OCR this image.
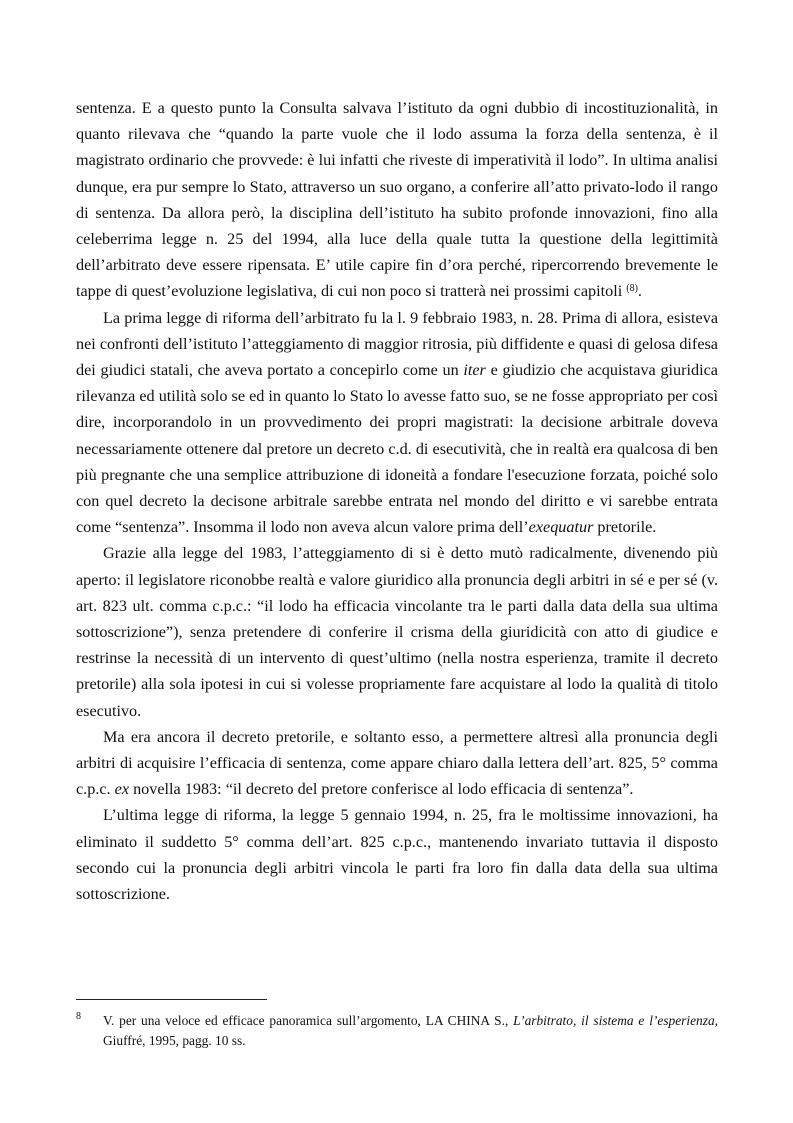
sentenza. E a questo punto la Consulta salvava l’istituto da ogni dubbio di incostituzionalità, in quanto rilevava che “quando la parte vuole che il lodo assuma la forza della sentenza, è il magistrato ordinario che provvede: è lui infatti che riveste di imperatività il lodo”. In ultima analisi dunque, era pur sempre lo Stato, attraverso un suo organo, a conferire all’atto privato-lodo il rango di sentenza. Da allora però, la disciplina dell’istituto ha subito profonde innovazioni, fino alla celeberrima legge n. 25 del 1994, alla luce della quale tutta la questione della legittimità dell’arbitrato deve essere ripensata. E’ utile capire fin d’ora perché, ripercorrendo brevemente le tappe di quest’evoluzione legislativa, di cui non poco si tratterà nei prossimi capitoli $^{(8)}$.

La prima legge di riforma dell’arbitrato fu la l. 9 febbraio 1983, n. 28. Prima di allora, esisteva nei confronti dell’istituto l’atteggiamento di maggior ritrosia, più diffidente e quasi di gelosa difesa dei giudici statali, che aveva portato a concepirlo come un iter e giudizio che acquistava giuridica rilevanza ed utilità solo se ed in quanto lo Stato lo avesse fatto suo, se ne fosse appropriato per così dire, incorporandolo in un provvedimento dei propri magistrati: la decisione arbitrale doveva necessariamente ottenere dal pretore un decreto c.d. di esecutività, che in realtà era qualcosa di ben più pregnante che una semplice attribuzione di idoneità a fondare l'esecuzione forzata, poiché solo con quel decreto la decisone arbitrale sarebbe entrata nel mondo del diritto e vi sarebbe entrata come “sentenza”. Insomma il lodo non aveva alcun valore prima dell’exequatur pretorile.

Grazie alla legge del 1983, l’atteggiamento di si è detto mutò radicalmente, divenendo più aperto: il legislatore riconobbe realtà e valore giuridico alla pronuncia degli arbitri in sé e per sé (v. art. 823 ult. comma c.p.c.: “il lodo ha efficacia vincolante tra le parti dalla data della sua ultima sottoscrizione”), senza pretendere di conferire il crisma della giuridicità con atto di giudice e restrinse la necessità di un intervento di quest’ultimo (nella nostra esperienza, tramite il decreto pretorile) alla sola ipotesi in cui si volesse propriamente fare acquistare al lodo la qualità di titolo esecutivo.

Ma era ancora il decreto pretorile, e soltanto esso, a permettere altresì alla pronuncia degli arbitri di acquisire l’efficacia di sentenza, come appare chiaro dalla lettera dell’art. 825, 5° comma c.p.c. ex novella 1983: “il decreto del pretore conferisce al lodo efficacia di sentenza”.

L’ultima legge di riforma, la legge 5 gennaio 1994, n. 25, fra le moltissime innovazioni, ha eliminato il suddetto 5° comma dell’art. 825 c.p.c., mantenendo invariato tuttavia il disposto secondo cui la pronuncia degli arbitri vincola le parti fra loro fin dalla data della sua ultima sottoscrizione.

8 V. per una veloce ed efficace panoramica sull’argomento, LA CHINA S., L’arbitrato, il sistema e l’esperienza, Giuffré, 1995, pagg. 10 ss.
